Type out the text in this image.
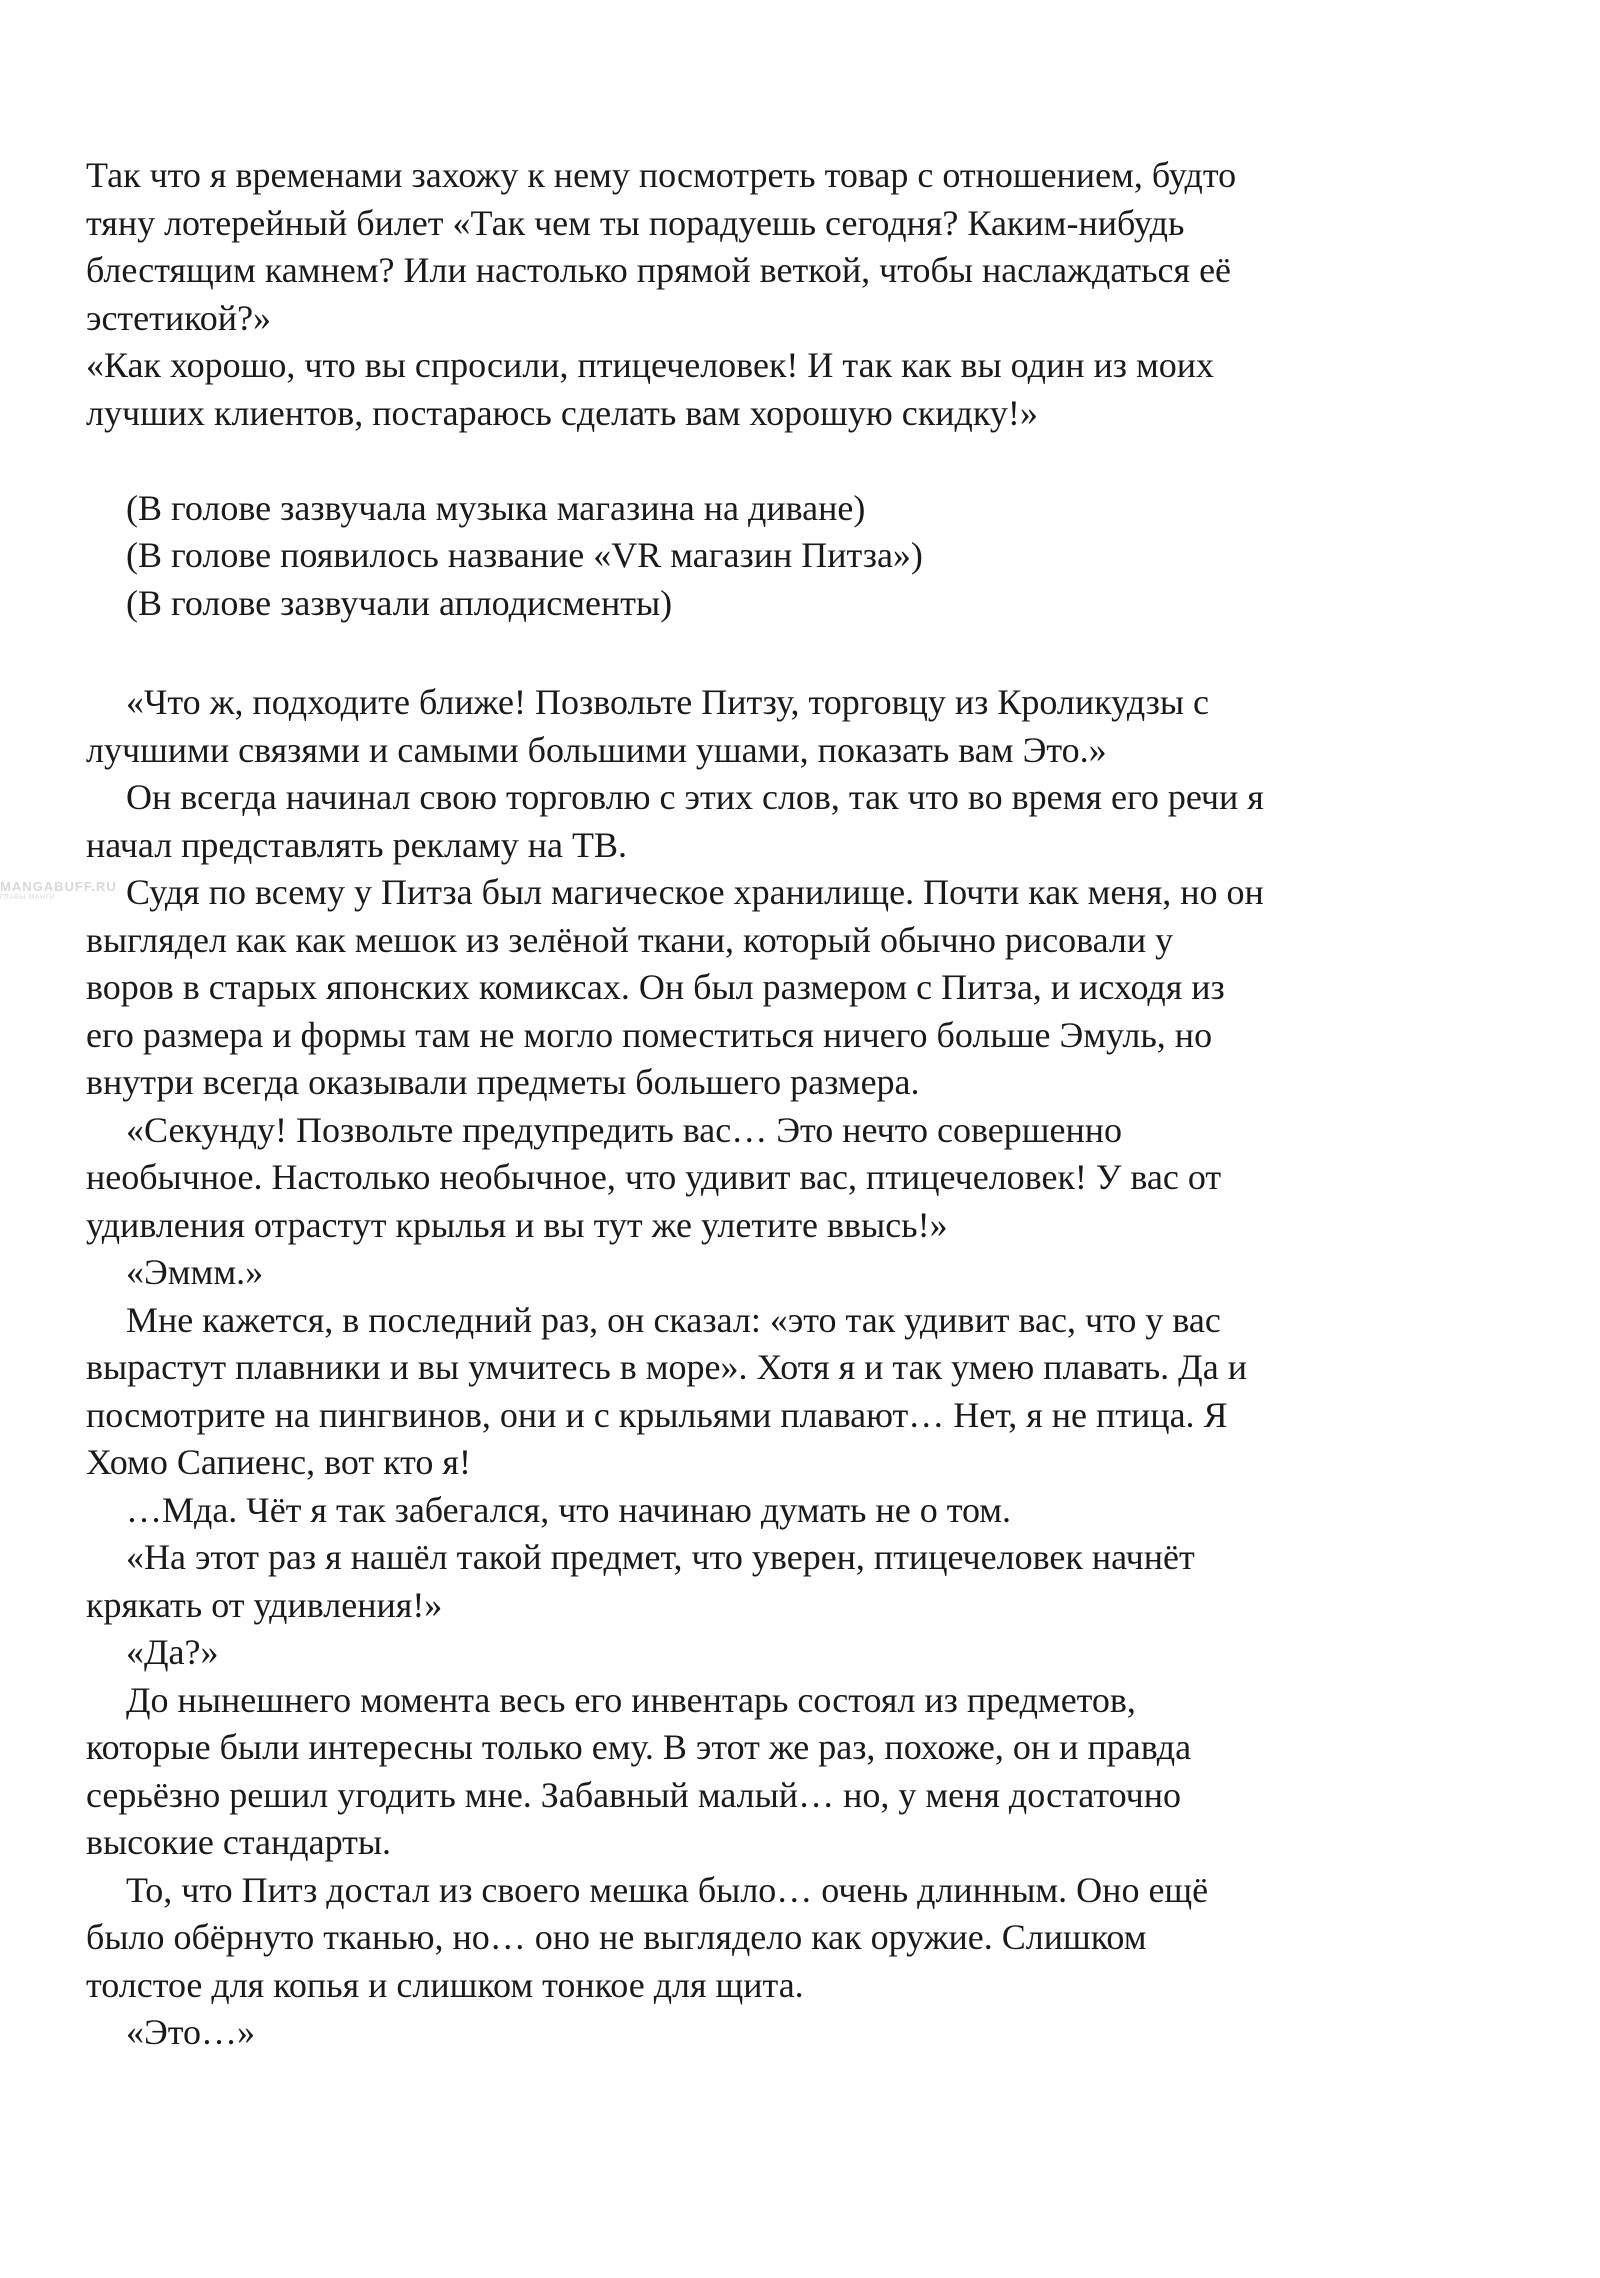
MANGABUFF.RU
ГЛАВЫ МАНГИ
Так что я временами захожу к нему посмотреть товар с отношением, будто
тяну лотерейный билет «Так чем ты порадуешь сегодня? Каким-нибудь
блестящим камнем? Или настолько прямой веткой, чтобы наслаждаться её
эстетикой?»
«Как хорошо, что вы спросили, птицечеловек! И так как вы один из моих
лучших клиентов, постараюсь сделать вам хорошую скидку!»
(В голове зазвучала музыка магазина на диване)
(В голове появилось название «VR магазин Питза»)
(В голове зазвучали аплодисменты)
«Что ж, подходите ближе! Позвольте Питзу, торговцу из Кроликудзы с
лучшими связями и самыми большими ушами, показать вам Это.»
Он всегда начинал свою торговлю с этих слов, так что во время его речи я
начал представлять рекламу на ТВ.
Судя по всему у Питза был магическое хранилище. Почти как меня, но он
выглядел как как мешок из зелёной ткани, который обычно рисовали у
воров в старых японских комиксах. Он был размером с Питза, и исходя из
его размера и формы там не могло поместиться ничего больше Эмуль, но
внутри всегда оказывали предметы большего размера.
«Секунду! Позвольте предупредить вас… Это нечто совершенно
необычное. Настолько необычное, что удивит вас, птицечеловек! У вас от
удивления отрастут крылья и вы тут же улетите ввысь!»
«Эммм.»
Мне кажется, в последний раз, он сказал: «это так удивит вас, что у вас
вырастут плавники и вы умчитесь в море». Хотя я и так умею плавать. Да и
посмотрите на пингвинов, они и с крыльями плавают… Нет, я не птица. Я
Хомо Сапиенс, вот кто я!
…Мда. Чёт я так забегался, что начинаю думать не о том.
«На этот раз я нашёл такой предмет, что уверен, птицечеловек начнёт
крякать от удивления!»
«Да?»
До нынешнего момента весь его инвентарь состоял из предметов,
которые были интересны только ему. В этот же раз, похоже, он и правда
серьёзно решил угодить мне. Забавный малый… но, у меня достаточно
высокие стандарты.
То, что Питз достал из своего мешка было… очень длинным. Оно ещё
было обёрнуто тканью, но… оно не выглядело как оружие. Слишком
толстое для копья и слишком тонкое для щита.
«Это…»
